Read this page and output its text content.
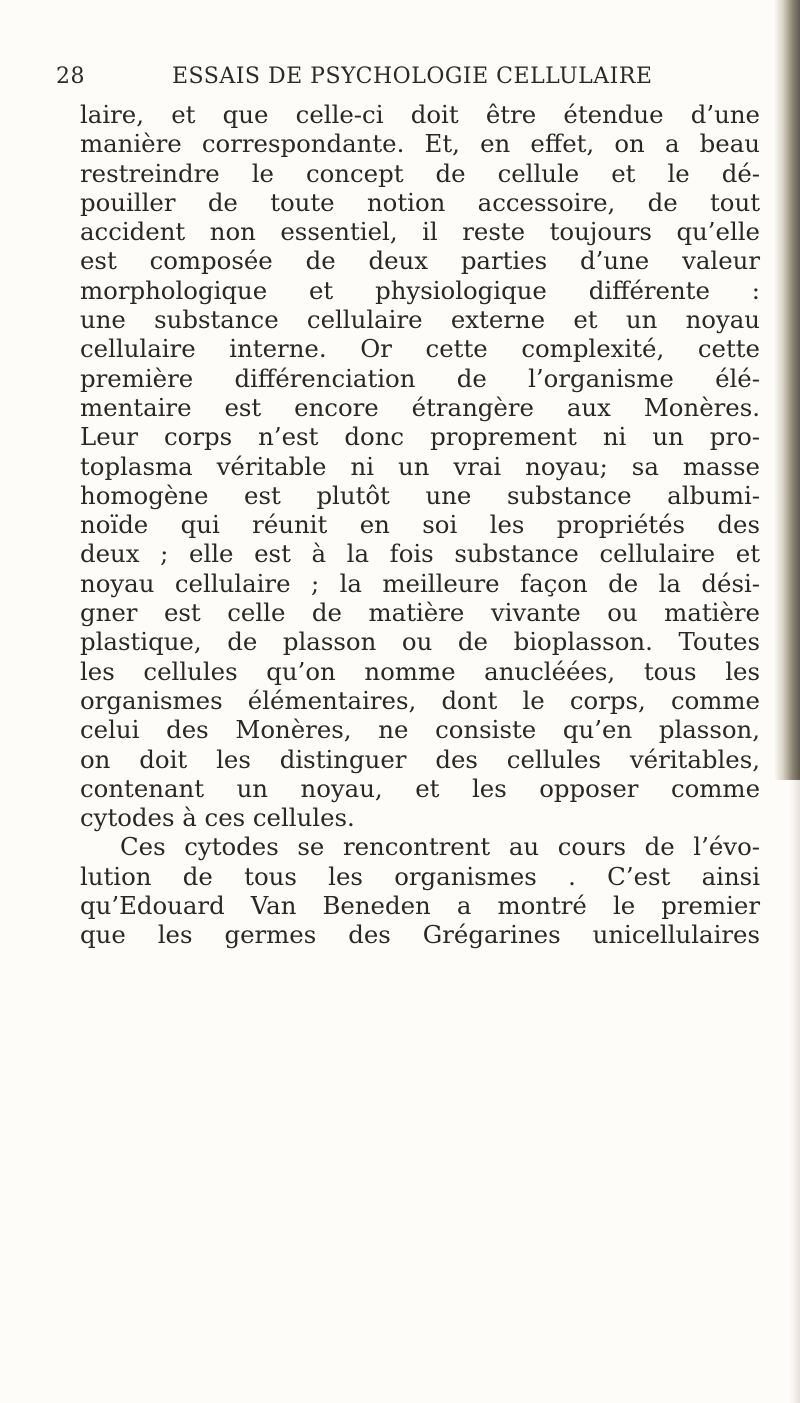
28	ESSAIS DE PSYCHOLOGIE CELLULAIRE
laire, et que celle-ci doit être étendue d’une
manière correspondante. Et, en effet, on a beau
restreindre le concept de cellule et le dé-
pouiller de toute notion accessoire, de tout
accident non essentiel, il reste toujours qu’elle
est composée de deux parties d’une valeur
morphologique et physiologique différente :
une substance cellulaire externe et un noyau
cellulaire interne. Or cette complexité, cette
première différenciation de l’organisme élé-
mentaire est encore étrangère aux Monères.
Leur corps n’est donc proprement ni un pro-
toplasma véritable ni un vrai noyau; sa masse
homogène est plutôt une substance albumi-
noïde qui réunit en soi les propriétés des
deux ; elle est à la fois substance cellulaire et
noyau cellulaire ; la meilleure façon de la dési-
gner est celle de matière vivante ou matière
plastique, de plasson ou de bioplasson. Toutes
les cellules qu’on nomme anucléées, tous les
organismes élémentaires, dont le corps, comme
celui des Monères, ne consiste qu’en plasson,
on doit les distinguer des cellules véritables,
contenant un noyau, et les opposer comme
cytodes à ces cellules.
Ces cytodes se rencontrent au cours de l’évo-
lution de tous les organismes . C’est ainsi
qu’Edouard Van Beneden a montré le premier
que les germes des Grégarines unicellulaires
